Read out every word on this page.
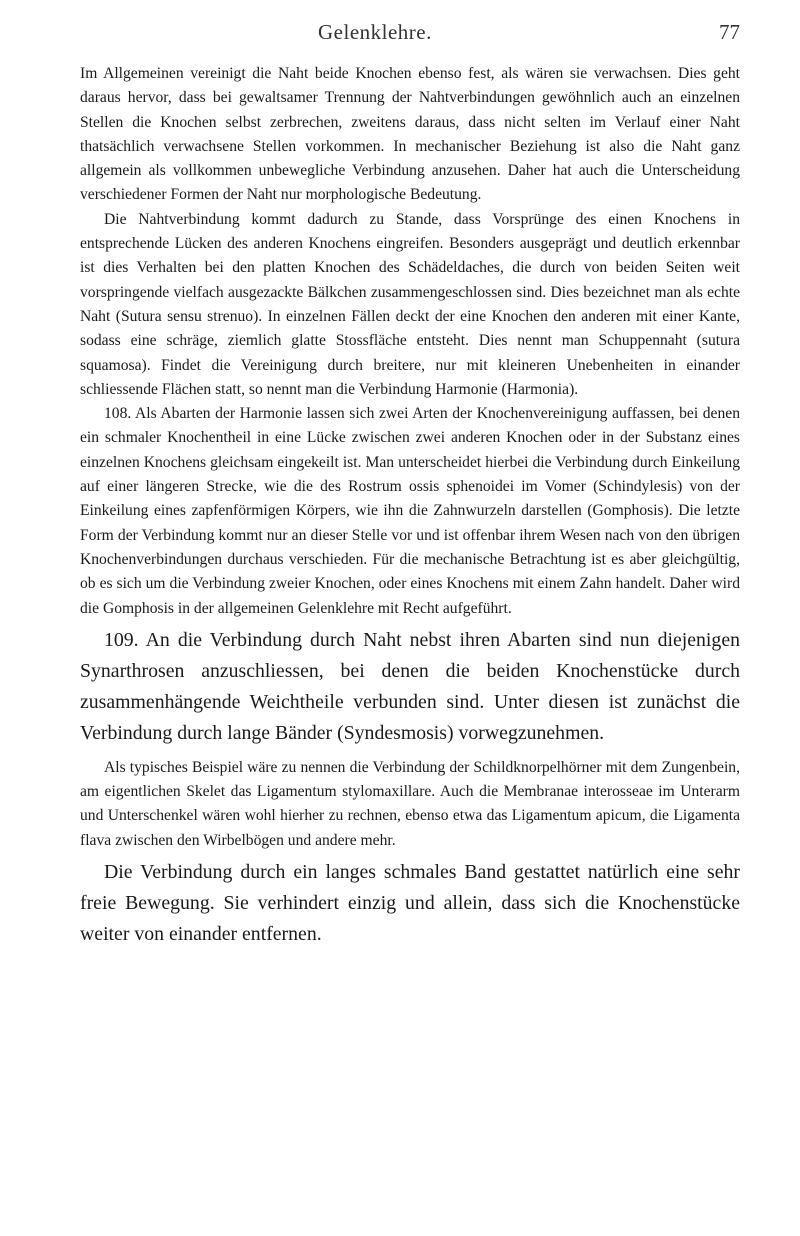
Gelenklehre.	77

Im Allgemeinen vereinigt die Naht beide Knochen ebenso fest, als wären sie verwachsen. Dies geht daraus hervor, dass bei gewaltsamer Trennung der Nahtverbindungen gewöhnlich auch an einzelnen Stellen die Knochen selbst zerbrechen, zweitens daraus, dass nicht selten im Verlauf einer Naht thatsächlich verwachsene Stellen vorkommen. In mechanischer Beziehung ist also die Naht ganz allgemein als vollkommen unbewegliche Verbindung anzusehen. Daher hat auch die Unterscheidung verschiedener Formen der Naht nur morphologische Bedeutung.

Die Nahtverbindung kommt dadurch zu Stande, dass Vorsprünge des einen Knochens in entsprechende Lücken des anderen Knochens eingreifen. Besonders ausgeprägt und deutlich erkennbar ist dies Verhalten bei den platten Knochen des Schädeldaches, die durch von beiden Seiten weit vorspringende vielfach ausgezackte Bälkchen zusammengeschlossen sind. Dies bezeichnet man als echte Naht (Sutura sensu strenuo). In einzelnen Fällen deckt der eine Knochen den anderen mit einer Kante, sodass eine schräge, ziemlich glatte Stossfläche entsteht. Dies nennt man Schuppennaht (sutura squamosa). Findet die Vereinigung durch breitere, nur mit kleineren Unebenheiten in einander schliessende Flächen statt, so nennt man die Verbindung Harmonie (Harmonia).

108. Als Abarten der Harmonie lassen sich zwei Arten der Knochenvereinigung auffassen, bei denen ein schmaler Knochentheil in eine Lücke zwischen zwei anderen Knochen oder in der Substanz eines einzelnen Knochens gleichsam eingekeilt ist. Man unterscheidet hierbei die Verbindung durch Einkeilung auf einer längeren Strecke, wie die des Rostrum ossis sphenoidei im Vomer (Schindylesis) von der Einkeilung eines zapfenförmigen Körpers, wie ihn die Zahnwurzeln darstellen (Gomphosis). Die letzte Form der Verbindung kommt nur an dieser Stelle vor und ist offenbar ihrem Wesen nach von den übrigen Knochenverbindungen durchaus verschieden. Für die mechanische Betrachtung ist es aber gleichgültig, ob es sich um die Verbindung zweier Knochen, oder eines Knochens mit einem Zahn handelt. Daher wird die Gomphosis in der allgemeinen Gelenklehre mit Recht aufgeführt.

109. An die Verbindung durch Naht nebst ihren Abarten sind nun diejenigen Synarthrosen anzuschliessen, bei denen die beiden Knochenstücke durch zusammenhängende Weichtheile verbunden sind. Unter diesen ist zunächst die Verbindung durch lange Bänder (Syndesmosis) vorwegzunehmen.

Als typisches Beispiel wäre zu nennen die Verbindung der Schildknorpelhörner mit dem Zungenbein, am eigentlichen Skelet das Ligamentum stylomaxillare. Auch die Membranae interosseae im Unterarm und Unterschenkel wären wohl hierher zu rechnen, ebenso etwa das Ligamentum apicum, die Ligamenta flava zwischen den Wirbelbögen und andere mehr.

Die Verbindung durch ein langes schmales Band gestattet natürlich eine sehr freie Bewegung. Sie verhindert einzig und allein, dass sich die Knochenstücke weiter von einander entfernen.
